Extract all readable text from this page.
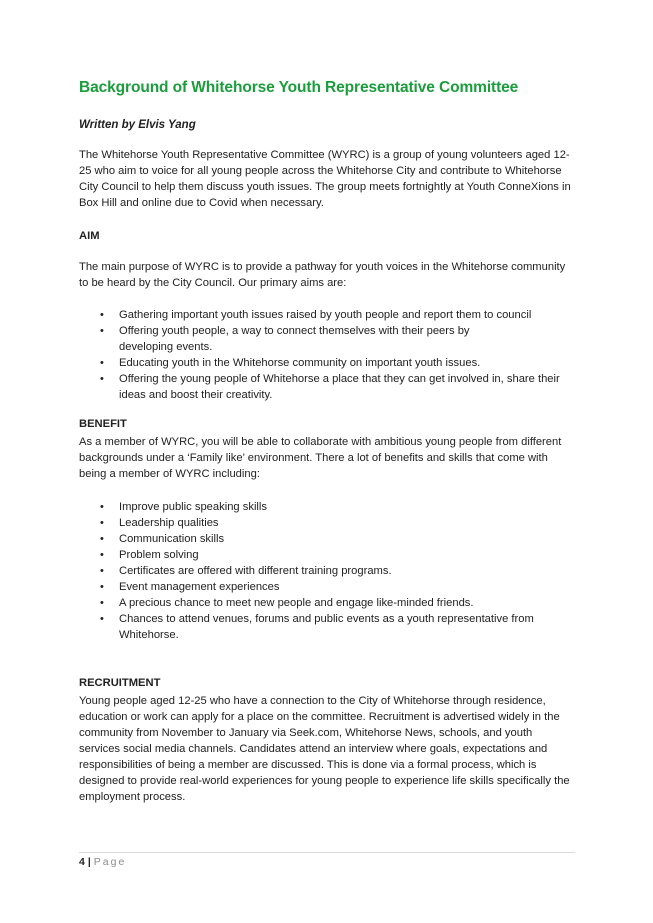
Background of Whitehorse Youth Representative Committee
Written by Elvis Yang

The Whitehorse Youth Representative Committee (WYRC) is a group of young volunteers aged 12-25 who aim to voice for all young people across the Whitehorse City and contribute to Whitehorse City Council to help them discuss youth issues. The group meets fortnightly at Youth ConneXions in Box Hill and online due to Covid when necessary.

AIM

The main purpose of WYRC is to provide a pathway for youth voices in the Whitehorse community to be heard by the City Council. Our primary aims are:

• Gathering important youth issues raised by youth people and report them to council
• Offering youth people, a way to connect themselves with their peers by developing events.
• Educating youth in the Whitehorse community on important youth issues.
• Offering the young people of Whitehorse a place that they can get involved in, share their ideas and boost their creativity.

BENEFIT

As a member of WYRC, you will be able to collaborate with ambitious young people from different backgrounds under a ‘Family like’ environment. There a lot of benefits and skills that come with being a member of WYRC including:

• Improve public speaking skills
• Leadership qualities
• Communication skills
• Problem solving
• Certificates are offered with different training programs.
• Event management experiences
• A precious chance to meet new people and engage like-minded friends.
• Chances to attend venues, forums and public events as a youth representative from Whitehorse.

RECRUITMENT

Young people aged 12-25 who have a connection to the City of Whitehorse through residence, education or work can apply for a place on the committee. Recruitment is advertised widely in the community from November to January via Seek.com, Whitehorse News, schools, and youth services social media channels. Candidates attend an interview where goals, expectations and responsibilities of being a member are discussed. This is done via a formal process, which is designed to provide real-world experiences for young people to experience life skills specifically the employment process.

4 | Page
